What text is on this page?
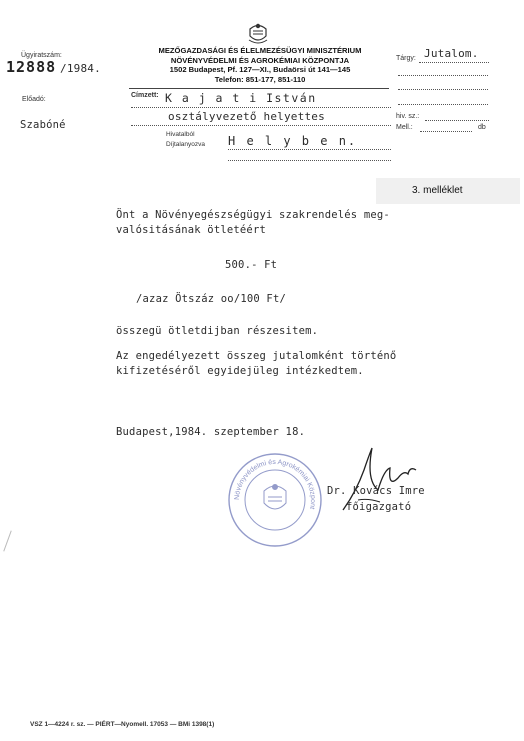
Ügyiratszám:
12888 /1984.
Előadó:
Szabóné
MEZŐGAZDASÁGI ÉS ÉLELMEZÉSÜGYI MINISZTÉRIUM
NÖVÉNYVÉDELMI ÉS AGROKÉMIAI KÖZPONTJA
1502 Budapest, Pf. 127—XI., Budaörsi út 141—145
Telefon: 851-177, 851-110
Címzett: K a j a t i István
osztályvezető helyettes
Hivatalból
Díjtalanyozva H e l y b e n.
Tárgy: Jutalom.
hiv. sz.:
Mell.:	db
3. melléklet
Önt a Növényegészségügyi szakrendelés meg-
valósitásának ötletéért
500.- Ft
/azaz Ötszáz oo/100 Ft/
összegü ötletdijban részesitem.
Az engedélyezett összeg jutalomként történő
kifizetéséről egyidejüleg intézkedtem.
Budapest,1984. szeptember 18.
Növényvédelmi és Agrokémiai Központ
Dr. Kovács Imre
főigazgató
VSZ 1—4224 r. sz. — PIÉRT—Nyomell. 17053 — BMi 1398(1)
